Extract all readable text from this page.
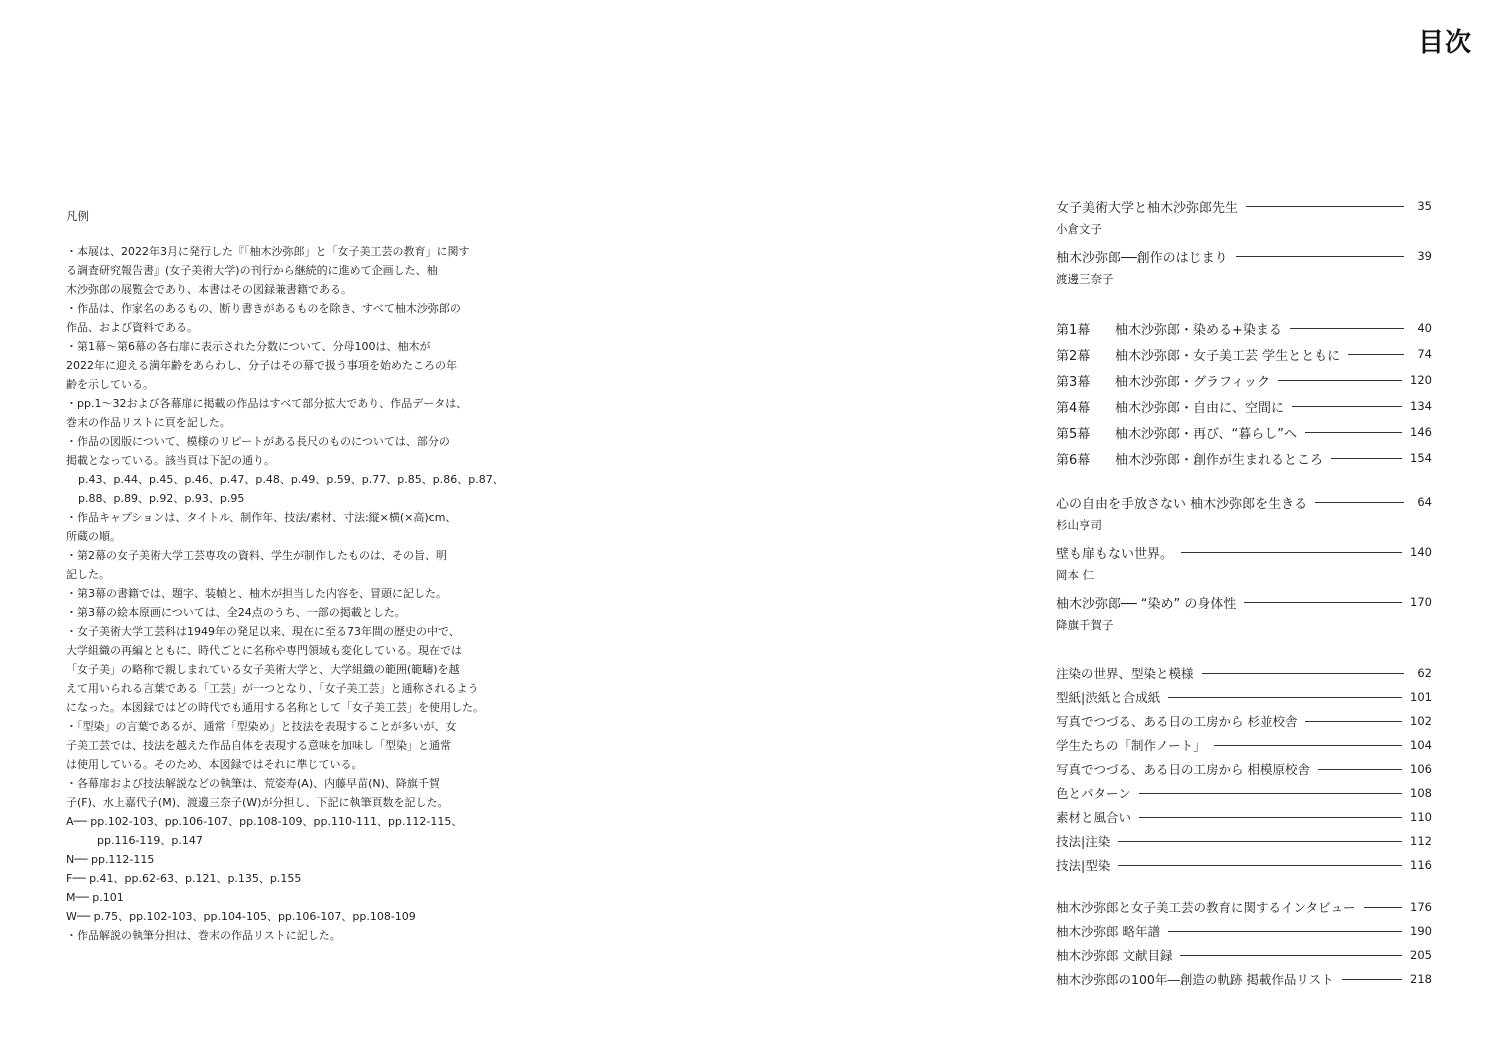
目次
凡例
・本展は、2022年3月に発行した『「柚木沙弥郎」と「女子美工芸の教育」に関す
る調査研究報告書』(女子美術大学)の刊行から継続的に進めて企画した、柚
木沙弥郎の展覧会であり、本書はその図録兼書籍である。
・作品は、作家名のあるもの、断り書きがあるものを除き、すべて柚木沙弥郎の
作品、および資料である。
・第1幕〜第6幕の各右扉に表示された分数について、分母100は、柚木が
2022年に迎える満年齢をあらわし、分子はその幕で扱う事項を始めたころの年
齢を示している。
・pp.1〜32および各幕扉に掲載の作品はすべて部分拡大であり、作品データは、
巻末の作品リストに頁を記した。
・作品の図版について、模様のリピートがある長尺のものについては、部分の
掲載となっている。該当頁は下記の通り。
p.43、p.44、p.45、p.46、p.47、p.48、p.49、p.59、p.77、p.85、p.86、p.87、
p.88、p.89、p.92、p.93、p.95
・作品キャプションは、タイトル、制作年、技法/素材、寸法:縦×横(×高)cm、
所蔵の順。
・第2幕の女子美術大学工芸専攻の資料、学生が制作したものは、その旨、明
記した。
・第3幕の書籍では、題字、装幀と、柚木が担当した内容を、冒頭に記した。
・第3幕の絵本原画については、全24点のうち、一部の掲載とした。
・女子美術大学工芸科は1949年の発足以来、現在に至る73年間の歴史の中で、
大学組織の再編とともに、時代ごとに名称や専門領域も変化している。現在では
「女子美」の略称で親しまれている女子美術大学と、大学組織の範囲(範疇)を越
えて用いられる言葉である「工芸」が一つとなり、「女子美工芸」と通称されるよう
になった。本図録ではどの時代でも通用する名称として「女子美工芸」を使用した。
・「型染」の言葉であるが、通常「型染め」と技法を表現することが多いが、女
子美工芸では、技法を越えた作品自体を表現する意味を加味し「型染」と通常
は使用している。そのため、本図録ではそれに準じている。
・各幕扉および技法解説などの執筆は、荒姿寿(A)、内藤早苗(N)、降旗千賀
子(F)、水上嘉代子(M)、渡邊三奈子(W)が分担し、下記に執筆頁数を記した。
A── pp.102-103、pp.106-107、pp.108-109、pp.110-111、pp.112-115、
pp.116-119、p.147
N── pp.112-115
F── p.41、pp.62-63、p.121、p.135、p.155
M── p.101
W── p.75、pp.102-103、pp.104-105、pp.106-107、pp.108-109
・作品解説の執筆分担は、巻末の作品リストに記した。
女子美術大学と柚木沙弥郎先生	35
小倉文子
柚木沙弥郎──創作のはじまり	39
渡邊三奈子
第1幕	柚木沙弥郎・染める+染まる	40
第2幕	柚木沙弥郎・女子美工芸 学生とともに	74
第3幕	柚木沙弥郎・グラフィック	120
第4幕	柚木沙弥郎・自由に、空間に	134
第5幕	柚木沙弥郎・再び、“暮らし”へ	146
第6幕	柚木沙弥郎・創作が生まれるところ	154
心の自由を手放さない 柚木沙弥郎を生きる	64
杉山亨司
壁も扉もない世界。	140
岡本 仁
柚木沙弥郎── “染め” の身体性	170
降旗千賀子
注染の世界、型染と模様	62
型紙|渋紙と合成紙	101
写真でつづる、ある日の工房から 杉並校舎	102
学生たちの「制作ノート」	104
写真でつづる、ある日の工房から 相模原校舎	106
色とパターン	108
素材と風合い	110
技法|注染	112
技法|型染	116
柚木沙弥郎と女子美工芸の教育に関するインタビュー	176
柚木沙弥郎 略年譜	190
柚木沙弥郎 文献目録	205
柚木沙弥郎の100年―創造の軌跡 掲載作品リスト	218
